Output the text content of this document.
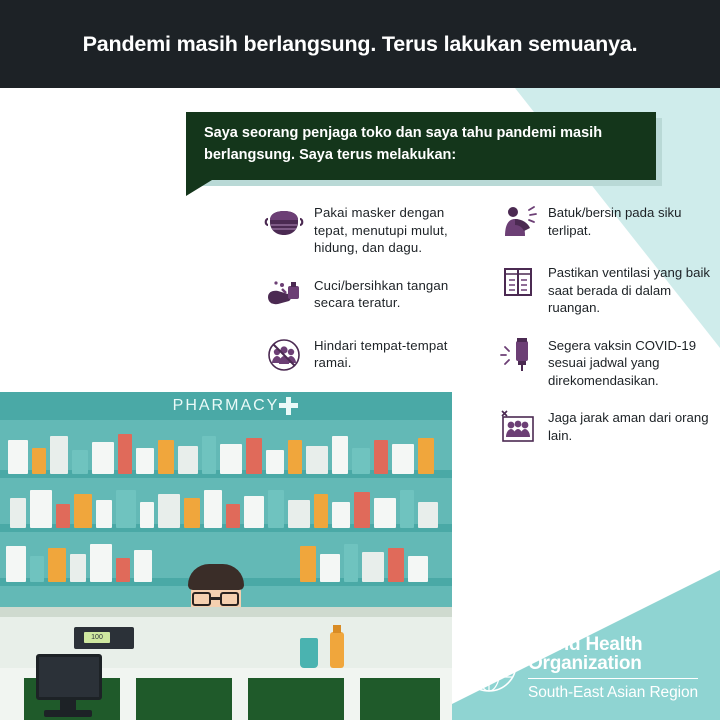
Pandemi masih berlangsung. Terus lakukan semuanya.
Saya seorang penjaga toko dan saya tahu pandemi masih berlangsung. Saya terus melakukan:
Pakai masker dengan tepat, menutupi mulut, hidung, dan dagu.
Cuci/bersihkan tangan secara teratur.
Hindari tempat-tempat ramai.
Batuk/bersin pada siku terlipat.
Pastikan ventilasi yang baik saat berada di dalam ruangan.
Segera vaksin COVID-19 sesuai jadwal yang direkomendasikan.
Jaga jarak aman dari orang lain.
PHARMACY
100	World Health
Organization
South-East Asian Region
